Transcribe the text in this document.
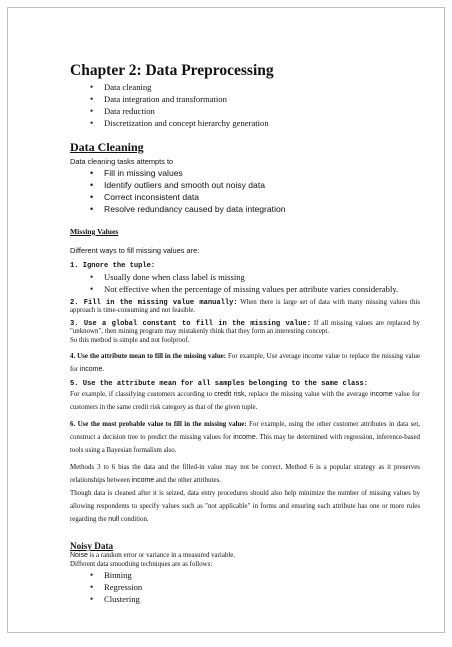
Chapter 2: Data Preprocessing
• Data cleaning
• Data integration and transformation
• Data reduction
• Discretization and concept hierarchy generation
Data Cleaning
Data cleaning tasks attempts to
• Fill in missing values
• Identify outliers and smooth out noisy data
• Correct inconsistent data
• Resolve redundancy caused by data integration
Missing Values
Different ways to fill missing values are:

1. Ignore the tuple:

• Usually done when class label is missing
• Not effective when the percentage of missing values per attribute varies considerably.

2. Fill in the missing value manually: When there is large set of data with many missing values this approach is time-consuming and not feasible.

3. Use a global constant to fill in the missing value: If all missing values are replaced by "unknown", then mining program may mistakenly think that they form an interesting concept.

So this method is simple and not foolproof.

4. Use the attribute mean to fill in the missing value: For example, Use average income value to replace the missing value for income.

5. Use the attribute mean for all samples belonging to the same class:

For example, if classifying customers according to credit risk, replace the missing value with the average income value for customers in the same credit risk category as that of the given tuple.

6. Use the most probable value to fill in the missing value: For example, using the other customer attributes in data set, construct a decision tree to predict the missing values for income. This may be determined with regression, inference-based tools using a Bayesian formalism also.

Methods 3 to 6 bias the data and the filled-in value may not be correct. Method 6 is a popular strategy as it preserves relationships between income and the other attributes.

Though data is cleaned after it is seized, data entry procedures should also help minimize the number of missing values by allowing respondents to specify values such as "not applicable" in forms and ensuring each attribute has one or more rules regarding the null condition.

Noisy Data

Noise is a random error or variance in a measured variable.

Different data smoothing techniques are as follows:

• Binning
• Regression
• Clustering
